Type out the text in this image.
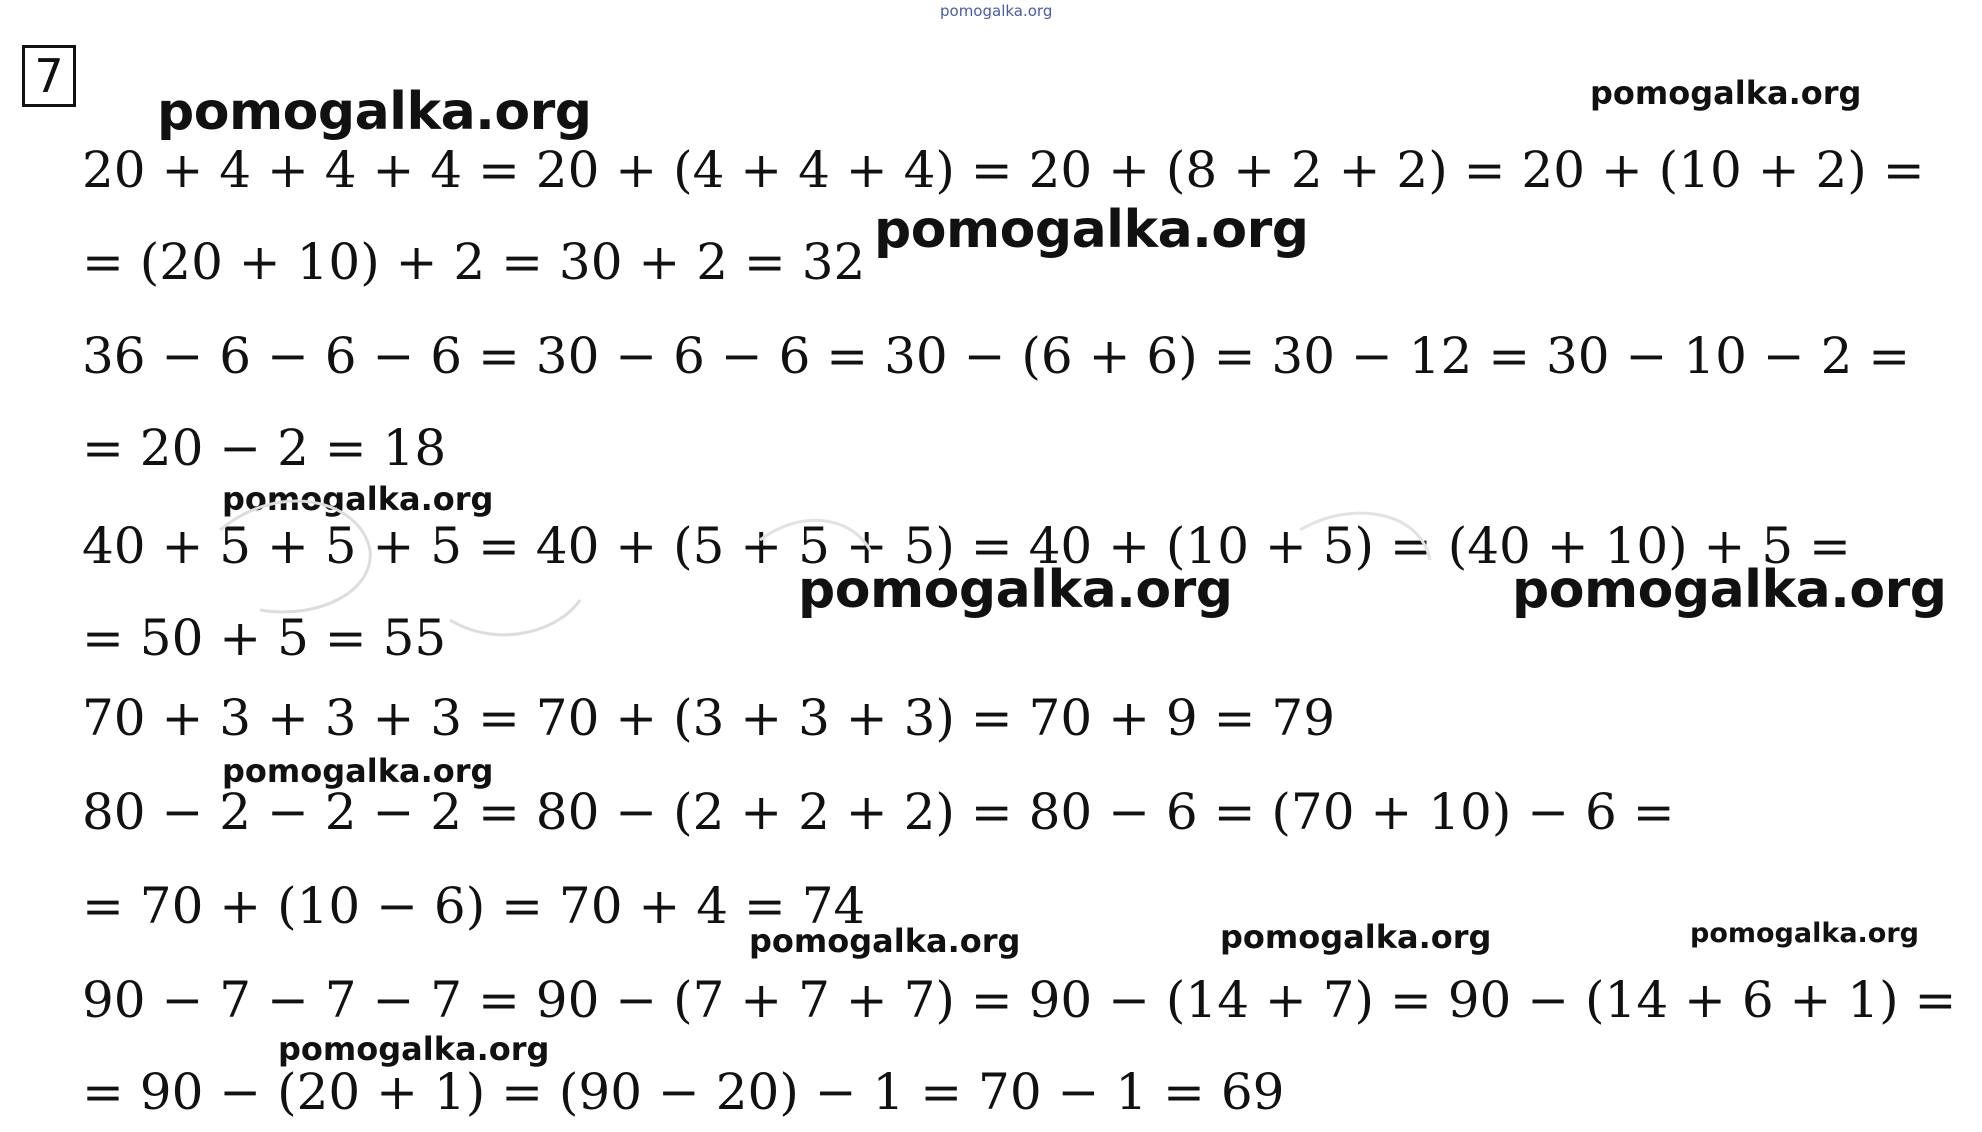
pomogalka.org
7
pomogalka.org	pomogalka.org
20 + 4 + 4 + 4 = 20 + (4 + 4 + 4) = 20 + (8 + 2 + 2) = 20 + (10 + 2) =
= (20 + 10) + 2 = 30 + 2 = 32
pomogalka.org
36 − 6 − 6 − 6 = 30 − 6 − 6 = 30 − (6 + 6) = 30 − 12 = 30 − 10 − 2 =
= 20 − 2 = 18
pomogalka.org
40 + 5 + 5 + 5 = 40 + (5 + 5 + 5) = 40 + (10 + 5) = (40 + 10) + 5 =
pomogalka.org	pomogalka.org
= 50 + 5 = 55
70 + 3 + 3 + 3 = 70 + (3 + 3 + 3) = 70 + 9 = 79
pomogalka.org
80 − 2 − 2 − 2 = 80 − (2 + 2 + 2) = 80 − 6 = (70 + 10) − 6 =
= 70 + (10 − 6) = 70 + 4 = 74
pomogalka.org	pomogalka.org	pomogalka.org
90 − 7 − 7 − 7 = 90 − (7 + 7 + 7) = 90 − (14 + 7) = 90 − (14 + 6 + 1) =
pomogalka.org
= 90 − (20 + 1) = (90 − 20) − 1 = 70 − 1 = 69
